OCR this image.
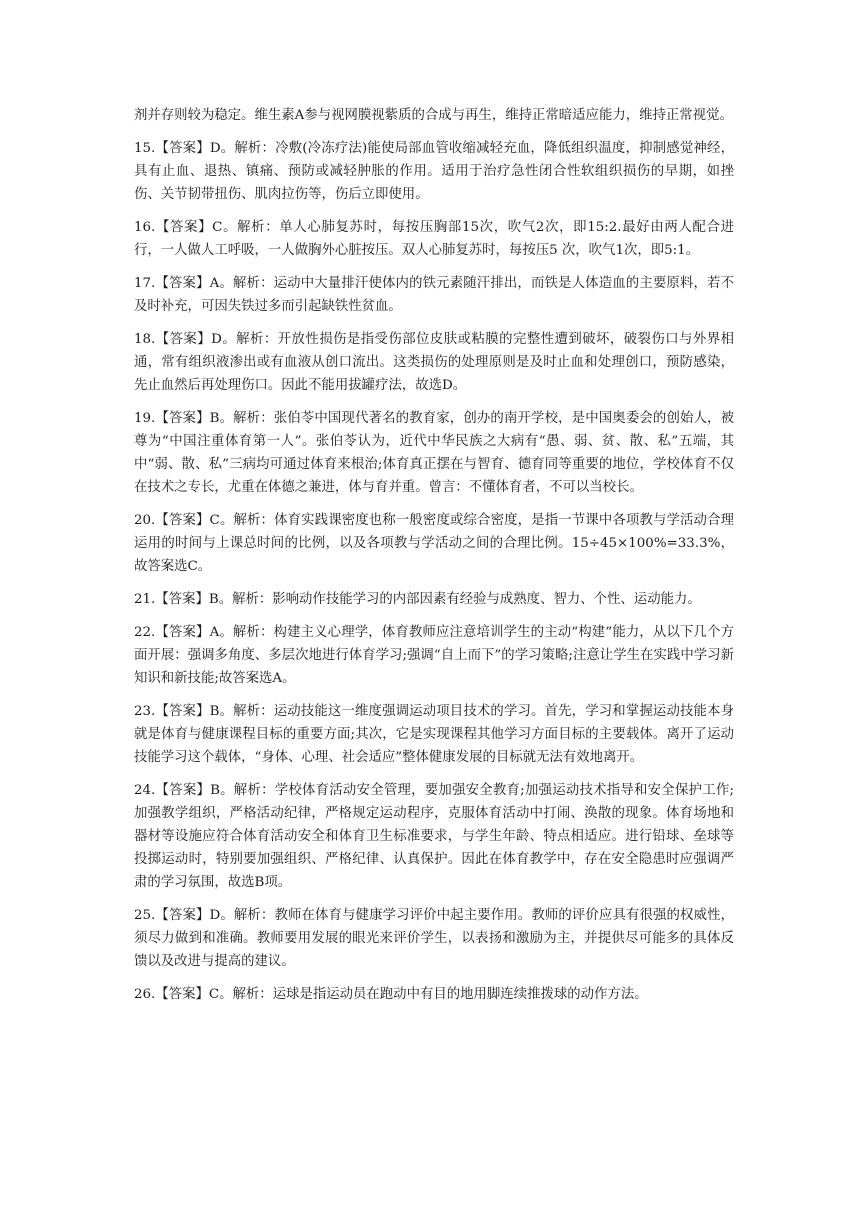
剂并存则较为稳定。维生素A参与视网膜视紫质的合成与再生，维持正常暗适应能力，维持正常视觉。

15.【答案】D。解析：冷敷(冷冻疗法)能使局部血管收缩减轻充血，降低组织温度，抑制感觉神经，具有止血、退热、镇痛、预防或减轻肿胀的作用。适用于治疗急性闭合性软组织损伤的早期，如挫伤、关节韧带扭伤、肌肉拉伤等，伤后立即使用。

16.【答案】C。解析：单人心肺复苏时，每按压胸部15次，吹气2次，即15:2.最好由两人配合进行，一人做人工呼吸，一人做胸外心脏按压。双人心肺复苏时，每按压5 次，吹气1次，即5:1。

17.【答案】A。解析：运动中大量排汗使体内的铁元素随汗排出，而铁是人体造血的主要原料，若不及时补充，可因失铁过多而引起缺铁性贫血。

18.【答案】D。解析：开放性损伤是指受伤部位皮肤或粘膜的完整性遭到破坏，破裂伤口与外界相通，常有组织液渗出或有血液从创口流出。这类损伤的处理原则是及时止血和处理创口，预防感染，先止血然后再处理伤口。因此不能用拔罐疗法，故选D。

19.【答案】B。解析：张伯苓中国现代著名的教育家，创办的南开学校，是中国奥委会的创始人，被尊为“中国注重体育第一人”。张伯苓认为，近代中华民族之大病有“愚、弱、贫、散、私”五端，其中“弱、散、私”三病均可通过体育来根治;体育真正摆在与智育、德育同等重要的地位，学校体育不仅在技术之专长，尤重在体德之兼进，体与育并重。曾言：不懂体育者，不可以当校长。

20.【答案】C。解析：体育实践课密度也称一般密度或综合密度，是指一节课中各项教与学活动合理运用的时间与上课总时间的比例，以及各项教与学活动之间的合理比例。15÷45×100%=33.3%，故答案选C。

21.【答案】B。解析：影响动作技能学习的内部因素有经验与成熟度、智力、个性、运动能力。

22.【答案】A。解析：构建主义心理学，体育教师应注意培训学生的主动“构建”能力，从以下几个方面开展：强调多角度、多层次地进行体育学习;强调“自上而下”的学习策略;注意让学生在实践中学习新知识和新技能;故答案选A。

23.【答案】B。解析：运动技能这一维度强调运动项目技术的学习。首先，学习和掌握运动技能本身就是体育与健康课程目标的重要方面;其次，它是实现课程其他学习方面目标的主要载体。离开了运动技能学习这个载体，“身体、心理、社会适应”整体健康发展的目标就无法有效地离开。

24.【答案】B。解析：学校体育活动安全管理，要加强安全教育;加强运动技术指导和安全保护工作;加强教学组织，严格活动纪律，严格规定运动程序，克服体育活动中打闹、涣散的现象。体育场地和器材等设施应符合体育活动安全和体育卫生标准要求，与学生年龄、特点相适应。进行铅球、垒球等投掷运动时，特别要加强组织、严格纪律、认真保护。因此在体育教学中，存在安全隐患时应强调严肃的学习氛围，故选B项。

25.【答案】D。解析：教师在体育与健康学习评价中起主要作用。教师的评价应具有很强的权威性，须尽力做到和准确。教师要用发展的眼光来评价学生，以表扬和激励为主，并提供尽可能多的具体反馈以及改进与提高的建议。

26.【答案】C。解析：运球是指运动员在跑动中有目的地用脚连续推拨球的动作方法。
